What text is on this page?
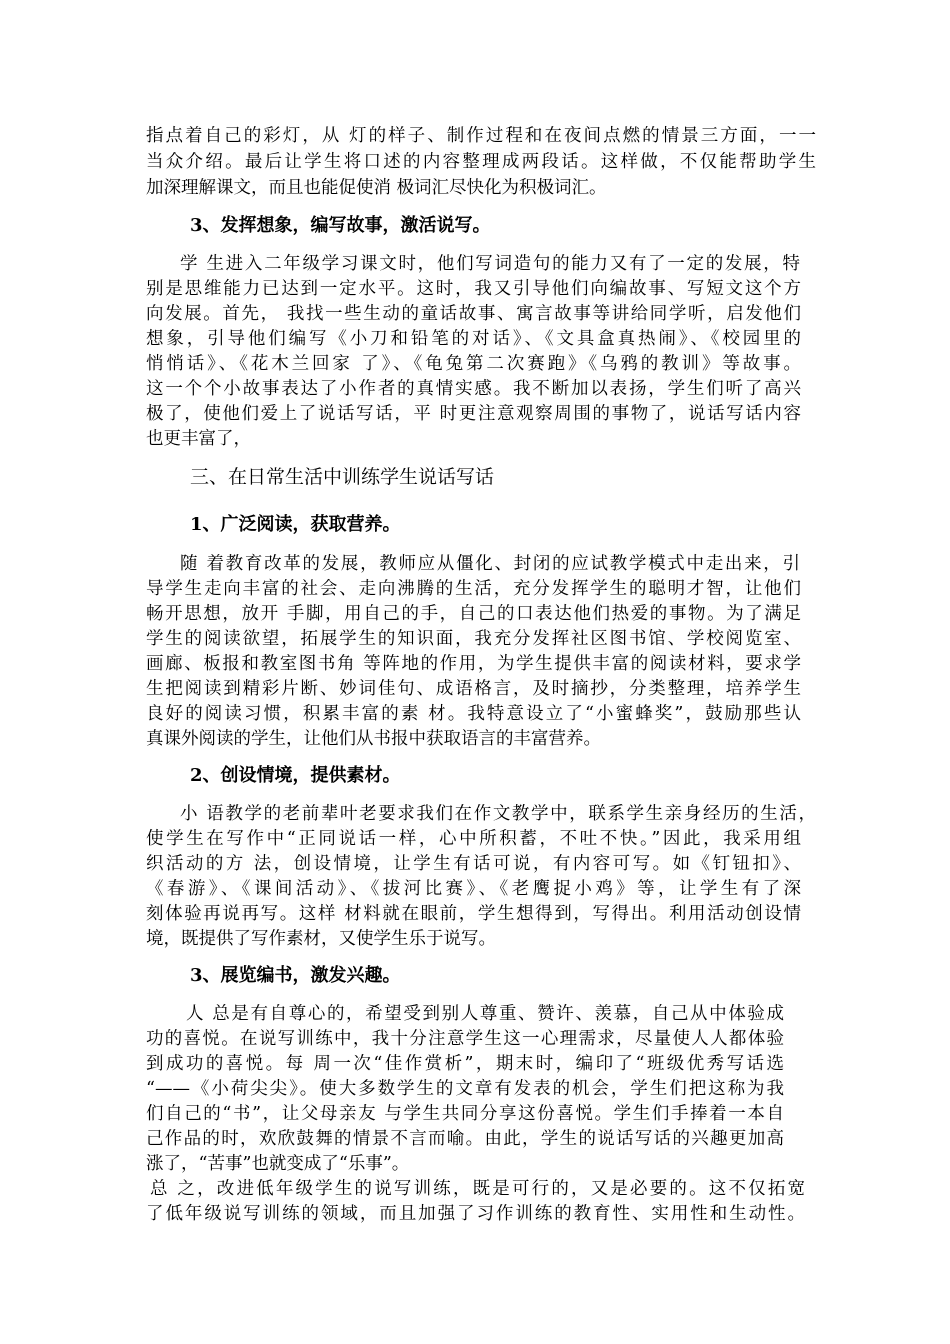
指点着自己的彩灯，从 灯的样子、制作过程和在夜间点燃的情景三方面，一一
当众介绍。最后让学生将口述的内容整理成两段话。这样做，不仅能帮助学生
加深理解课文，而且也能促使消 极词汇尽快化为积极词汇。
3、发挥想象，编写故事，激活说写。
学 生进入二年级学习课文时，他们写词造句的能力又有了一定的发展，特
别是思维能力已达到一定水平。这时，我又引导他们向编故事、写短文这个方
向发展。首先， 我找一些生动的童话故事、寓言故事等讲给同学听，启发他们
想象，引导他们编写《小刀和铅笔的对话》、《文具盒真热闹》、《校园里的
悄悄话》、《花木兰回家 了》、《龟兔第二次赛跑》《乌鸦的教训》等故事。
这一个个小故事表达了小作者的真情实感。我不断加以表扬，学生们听了高兴
极了，使他们爱上了说话写话，平 时更注意观察周围的事物了，说话写话内容
也更丰富了，
三、在日常生活中训练学生说话写话
1、广泛阅读，获取营养。
随 着教育改革的发展，教师应从僵化、封闭的应试教学模式中走出来，引
导学生走向丰富的社会、走向沸腾的生活，充分发挥学生的聪明才智，让他们
畅开思想，放开 手脚，用自己的手，自己的口表达他们热爱的事物。为了满足
学生的阅读欲望，拓展学生的知识面，我充分发挥社区图书馆、学校阅览室、
画廊、板报和教室图书角 等阵地的作用，为学生提供丰富的阅读材料，要求学
生把阅读到精彩片断、妙词佳句、成语格言，及时摘抄，分类整理，培养学生
良好的阅读习惯，积累丰富的素 材。我特意设立了“小蜜蜂奖”，鼓励那些认
真课外阅读的学生，让他们从书报中获取语言的丰富营养。
2、创设情境，提供素材。
小 语教学的老前辈叶老要求我们在作文教学中，联系学生亲身经历的生活，
使学生在写作中“正同说话一样，心中所积蓄，不吐不快。”因此，我采用组
织活动的方 法，创设情境，让学生有话可说，有内容可写。如《钉钮扣》、
《春游》、《课间活动》、《拔河比赛》、《老鹰捉小鸡》等，让学生有了深
刻体验再说再写。这样 材料就在眼前，学生想得到，写得出。利用活动创设情
境，既提供了写作素材，又使学生乐于说写。
3、展览编书，激发兴趣。
人 总是有自尊心的，希望受到别人尊重、赞许、羡慕，自己从中体验成
功的喜悦。在说写训练中，我十分注意学生这一心理需求，尽量使人人都体验
到成功的喜悦。每 周一次“佳作赏析”，期末时，编印了“班级优秀写话选
“——《小荷尖尖》。使大多数学生的文章有发表的机会，学生们把这称为我
们自己的“书”，让父母亲友 与学生共同分享这份喜悦。学生们手捧着一本自
己作品的时，欢欣鼓舞的情景不言而喻。由此，学生的说话写话的兴趣更加高
涨了，“苦事”也就变成了“乐事”。
总 之，改进低年级学生的说写训练，既是可行的，又是必要的。这不仅拓宽
了低年级说写训练的领域，而且加强了习作训练的教育性、实用性和生动性。
